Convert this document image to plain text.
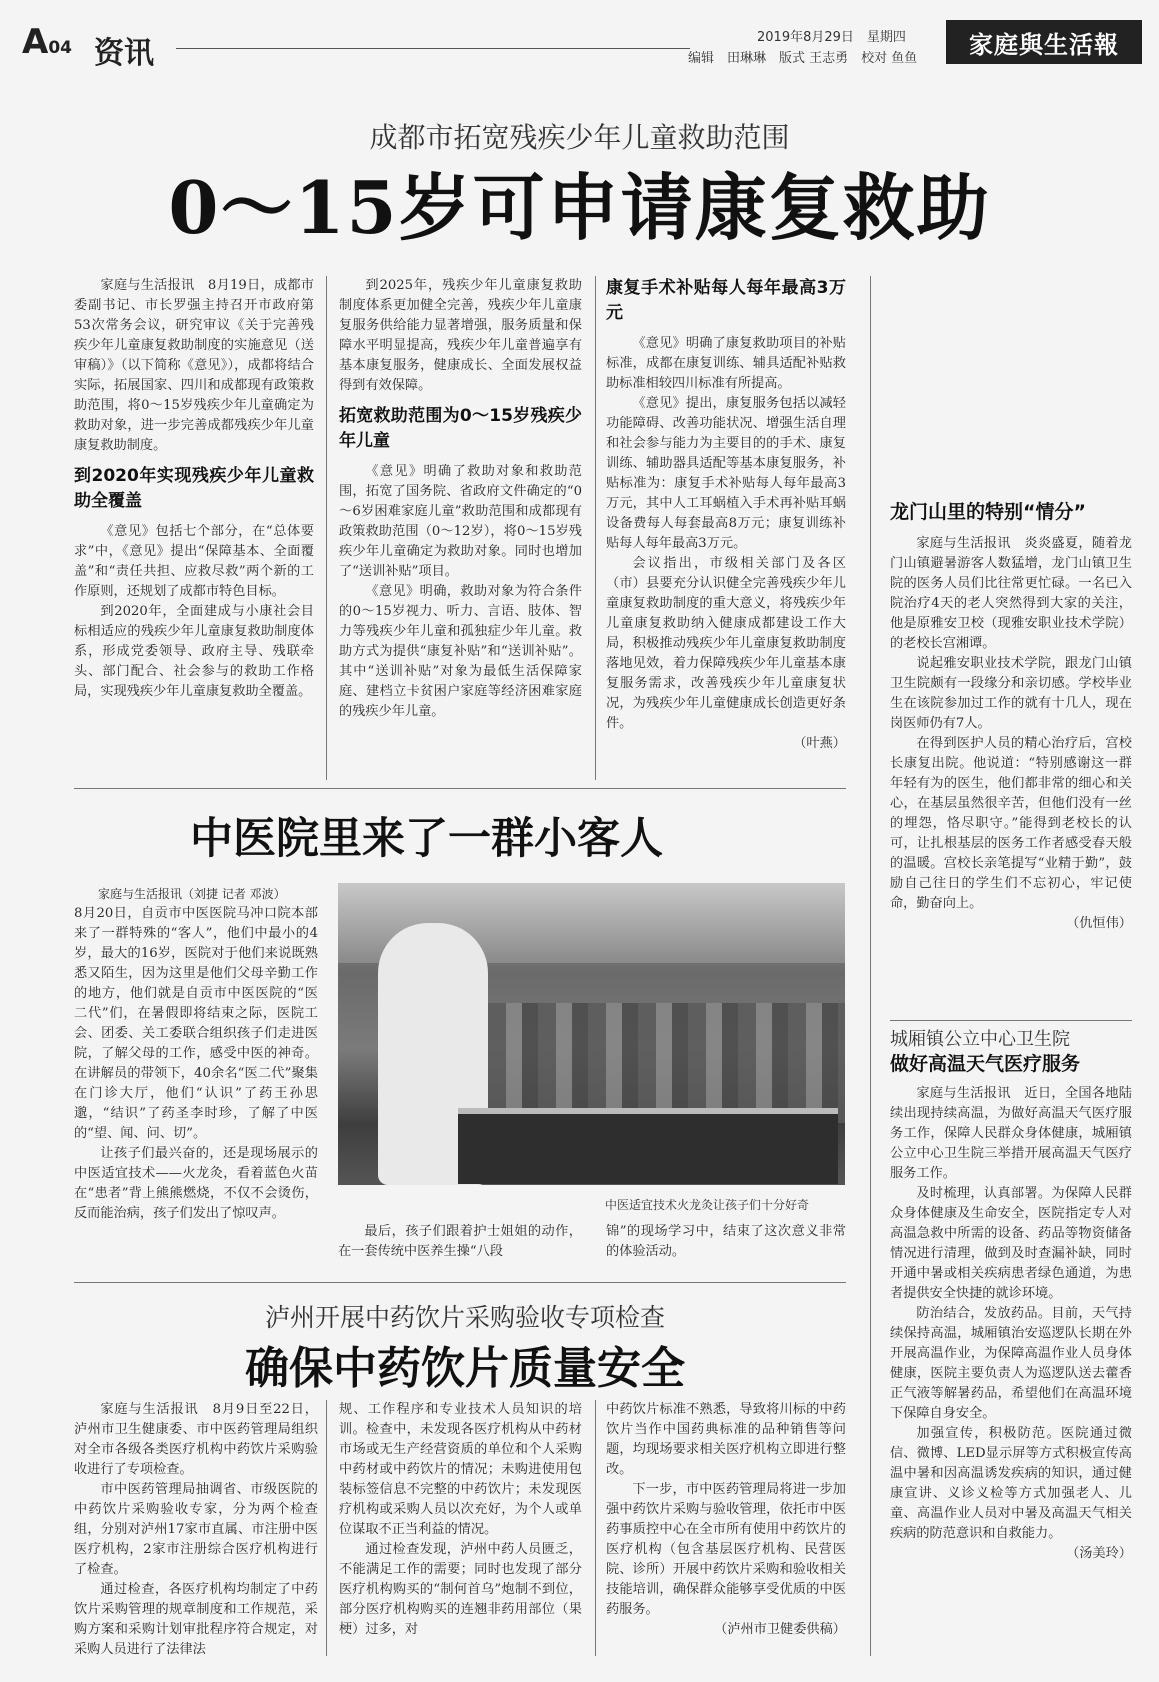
A04 资讯	2019年8月29日　星期四
编辑　田琳琳　版式 王志勇　校对 鱼鱼	家庭與生活報
成都市拓宽残疾少年儿童救助范围
0～15岁可申请康复救助

家庭与生活报讯　8月19日，成都市委副书记、市长罗强主持召开市政府第53次常务会议，研究审议《关于完善残疾少年儿童康复救助制度的实施意见（送审稿）》（以下简称《意见》），成都将结合实际，拓展国家、四川和成都现有政策救助范围，将0～15岁残疾少年儿童确定为救助对象，进一步完善成都残疾少年儿童康复救助制度。

到2020年实现残疾少年儿童救助全覆盖

《意见》包括七个部分，在“总体要求”中，《意见》提出“保障基本、全面覆盖”和“责任共担、应救尽救”两个新的工作原则，还规划了成都市特色目标。

到2020年，全面建成与小康社会目标相适应的残疾少年儿童康复救助制度体系，形成党委领导、政府主导、残联牵头、部门配合、社会参与的救助工作格局，实现残疾少年儿童康复救助全覆盖。

到2025年，残疾少年儿童康复救助制度体系更加健全完善，残疾少年儿童康复服务供给能力显著增强，服务质量和保障水平明显提高，残疾少年儿童普遍享有基本康复服务，健康成长、全面发展权益得到有效保障。

拓宽救助范围为0～15岁残疾少年儿童

《意见》明确了救助对象和救助范围，拓宽了国务院、省政府文件确定的“0～6岁困难家庭儿童”救助范围和成都现有政策救助范围（0～12岁），将0～15岁残疾少年儿童确定为救助对象。同时也增加了“送训补贴”项目。

《意见》明确，救助对象为符合条件的0～15岁视力、听力、言语、肢体、智力等残疾少年儿童和孤独症少年儿童。救助方式为提供“康复补贴”和“送训补贴”。其中“送训补贴”对象为最低生活保障家庭、建档立卡贫困户家庭等经济困难家庭的残疾少年儿童。

康复手术补贴每人每年最高3万元

《意见》明确了康复救助项目的补贴标准，成都在康复训练、辅具适配补贴救助标准相较四川标准有所提高。

《意见》提出，康复服务包括以减轻功能障碍、改善功能状况、增强生活自理和社会参与能力为主要目的的手术、康复训练、辅助器具适配等基本康复服务，补贴标准为：康复手术补贴每人每年最高3万元，其中人工耳蜗植入手术再补贴耳蜗设备费每人每套最高8万元；康复训练补贴每人每年最高3万元。

会议指出，市级相关部门及各区（市）县要充分认识健全完善残疾少年儿童康复救助制度的重大意义，将残疾少年儿童康复救助纳入健康成都建设工作大局，积极推动残疾少年儿童康复救助制度落地见效，着力保障残疾少年儿童基本康复服务需求，改善残疾少年儿童康复状况，为残疾少年儿童健康成长创造更好条件。

（叶燕）

中医院里来了一群小客人

家庭与生活报讯（刘捷 记者 邓波）

8月20日，自贡市中医医院马冲口院本部来了一群特殊的“客人”，他们中最小的4岁，最大的16岁，医院对于他们来说既熟悉又陌生，因为这里是他们父母辛勤工作的地方，他们就是自贡市中医医院的“医二代”们，在暑假即将结束之际，医院工会、团委、关工委联合组织孩子们走进医院，了解父母的工作，感受中医的神奇。在讲解员的带领下，40余名“医二代”聚集在门诊大厅，他们“认识”了药王孙思邈，“结识”了药圣李时珍，了解了中医的“望、闻、问、切”。

让孩子们最兴奋的，还是现场展示的中医适宜技术——火龙灸，看着蓝色火苗在“患者”背上熊熊燃烧，不仅不会烫伤，反而能治病，孩子们发出了惊叹声。

中医适宜技术火龙灸让孩子们十分好奇

最后，孩子们跟着护士姐姐的动作，在一套传统中医养生操“八段

锦”的现场学习中，结束了这次意义非常的体验活动。

泸州开展中药饮片采购验收专项检查
确保中药饮片质量安全

家庭与生活报讯　8月9日至22日，泸州市卫生健康委、市中医药管理局组织对全市各级各类医疗机构中药饮片采购验收进行了专项检查。

市中医药管理局抽调省、市级医院的中药饮片采购验收专家，分为两个检查组，分别对泸州17家市直属、市注册中医医疗机构，2家市注册综合医疗机构进行了检查。

通过检查，各医疗机构均制定了中药饮片采购管理的规章制度和工作规范，采购方案和采购计划审批程序符合规定，对采购人员进行了法律法

规、工作程序和专业技术人员知识的培训。检查中，未发现各医疗机构从中药材市场或无生产经营资质的单位和个人采购中药材或中药饮片的情况；未购进使用包装标签信息不完整的中药饮片；未发现医疗机构或采购人员以次充好，为个人或单位谋取不正当利益的情况。

通过检查发现，泸州中药人员匮乏，不能满足工作的需要；同时也发现了部分医疗机构购买的“制何首乌”炮制不到位，部分医疗机构购买的连翘非药用部位（果梗）过多，对

中药饮片标准不熟悉，导致将川标的中药饮片当作中国药典标准的品种销售等问题，均现场要求相关医疗机构立即进行整改。

下一步，市中医药管理局将进一步加强中药饮片采购与验收管理，依托市中医药事质控中心在全市所有使用中药饮片的医疗机构（包含基层医疗机构、民营医院、诊所）开展中药饮片采购和验收相关技能培训，确保群众能够享受优质的中医药服务。

（泸州市卫健委供稿）

龙门山里的特别“情分”

家庭与生活报讯　炎炎盛夏，随着龙门山镇避暑游客人数猛增，龙门山镇卫生院的医务人员们比往常更忙碌。一名已入院治疗4天的老人突然得到大家的关注，他是原雅安卫校（现雅安职业技术学院）的老校长宫湘谭。

说起雅安职业技术学院，跟龙门山镇卫生院颇有一段缘分和亲切感。学校毕业生在该院参加过工作的就有十几人，现在岗医师仍有7人。

在得到医护人员的精心治疗后，宫校长康复出院。他说道：“特别感谢这一群年轻有为的医生，他们都非常的细心和关心，在基层虽然很辛苦，但他们没有一丝的埋怨，恪尽职守。”能得到老校长的认可，让扎根基层的医务工作者感受春天般的温暖。宫校长亲笔提写“业精于勤”，鼓励自己往日的学生们不忘初心，牢记使命，勤奋向上。

（仇恒伟）

城厢镇公立中心卫生院
做好高温天气医疗服务

家庭与生活报讯　近日，全国各地陆续出现持续高温，为做好高温天气医疗服务工作，保障人民群众身体健康，城厢镇公立中心卫生院三举措开展高温天气医疗服务工作。

及时梳理，认真部署。为保障人民群众身体健康及生命安全，医院指定专人对高温急救中所需的设备、药品等物资储备情况进行清理，做到及时查漏补缺，同时开通中暑或相关疾病患者绿色通道，为患者提供安全快捷的就诊环境。

防治结合，发放药品。目前，天气持续保持高温，城厢镇治安巡逻队长期在外开展高温作业，为保障高温作业人员身体健康，医院主要负责人为巡逻队送去藿香正气液等解暑药品，希望他们在高温环境下保障自身安全。

加强宣传，积极防范。医院通过微信、微博、LED显示屏等方式积极宣传高温中暑和因高温诱发疾病的知识，通过健康宣讲、义诊义检等方式加强老人、儿童、高温作业人员对中暑及高温天气相关疾病的防范意识和自救能力。

（汤美玲）
